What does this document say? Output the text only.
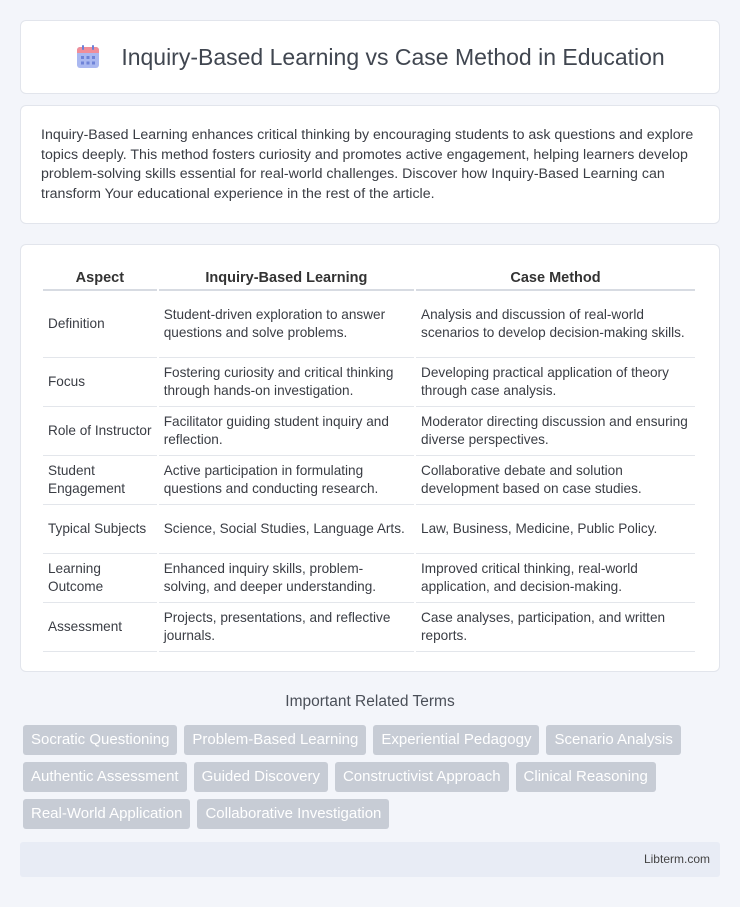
Inquiry-Based Learning vs Case Method in Education

Inquiry-Based Learning enhances critical thinking by encouraging students to ask questions and explore topics deeply. This method fosters curiosity and promotes active engagement, helping learners develop problem-solving skills essential for real-world challenges. Discover how Inquiry-Based Learning can transform Your educational experience in the rest of the article.

Aspect	Inquiry-Based Learning	Case Method
Definition	Student-driven exploration to answer questions and solve problems.	Analysis and discussion of real-world scenarios to develop decision-making skills.
Focus	Fostering curiosity and critical thinking through hands-on investigation.	Developing practical application of theory through case analysis.
Role of Instructor	Facilitator guiding student inquiry and reflection.	Moderator directing discussion and ensuring diverse perspectives.
Student Engagement	Active participation in formulating questions and conducting research.	Collaborative debate and solution development based on case studies.
Typical Subjects	Science, Social Studies, Language Arts.	Law, Business, Medicine, Public Policy.
Learning Outcome	Enhanced inquiry skills, problem-solving, and deeper understanding.	Improved critical thinking, real-world application, and decision-making.
Assessment	Projects, presentations, and reflective journals.	Case analyses, participation, and written reports.
Important Related Terms
Socratic Questioning	Problem-Based Learning	Experiential Pedagogy	Scenario Analysis
Authentic Assessment	Guided Discovery	Constructivist Approach	Clinical Reasoning
Real-World Application	Collaborative Investigation
Libterm.com
